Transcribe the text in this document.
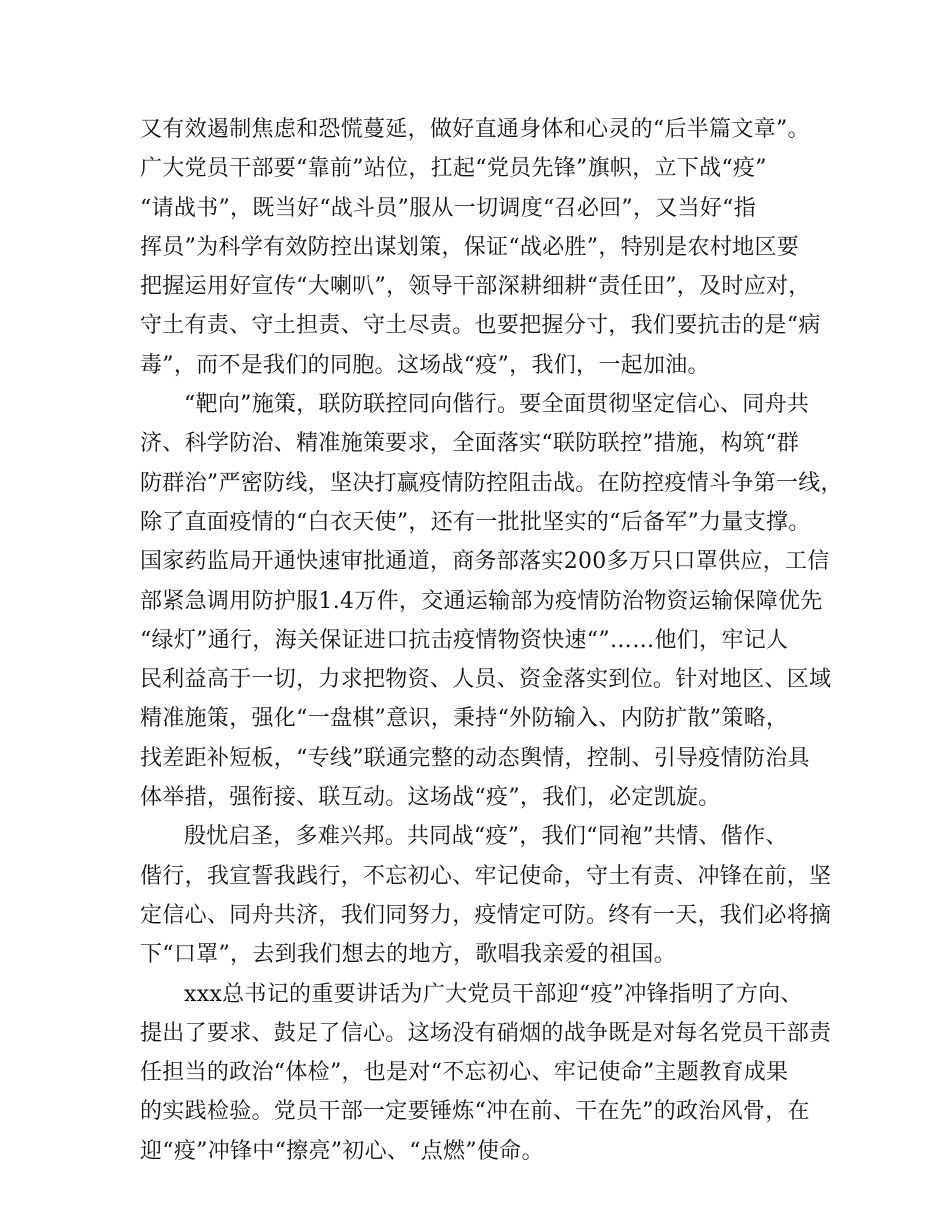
又有效遏制焦虑和恐慌蔓延，做好直通身体和心灵的“后半篇文章”。
广大党员干部要“靠前”站位，扛起“党员先锋”旗帜，立下战“疫”
“请战书”，既当好“战斗员”服从一切调度“召必回”，又当好“指
挥员”为科学有效防控出谋划策，保证“战必胜”，特别是农村地区要
把握运用好宣传“大喇叭”，领导干部深耕细耕“责任田”，及时应对，
守土有责、守土担责、守土尽责。也要把握分寸，我们要抗击的是“病
毒”，而不是我们的同胞。这场战“疫”，我们，一起加油。
“靶向”施策，联防联控同向偕行。要全面贯彻坚定信心、同舟共
济、科学防治、精准施策要求，全面落实“联防联控”措施，构筑“群
防群治”严密防线，坚决打赢疫情防控阻击战。在防控疫情斗争第一线，
除了直面疫情的“白衣天使”，还有一批批坚实的“后备军”力量支撑。
国家药监局开通快速审批通道，商务部落实200多万只口罩供应，工信
部紧急调用防护服1.4万件，交通运输部为疫情防治物资运输保障优先
“绿灯”通行，海关保证进口抗击疫情物资快速“”……他们，牢记人
民利益高于一切，力求把物资、人员、资金落实到位。针对地区、区域
精准施策，强化“一盘棋”意识，秉持“外防输入、内防扩散”策略，
找差距补短板，“专线”联通完整的动态舆情，控制、引导疫情防治具
体举措，强衔接、联互动。这场战“疫”，我们，必定凯旋。
殷忧启圣，多难兴邦。共同战“疫”，我们“同袍”共情、偕作、
偕行，我宣誓我践行，不忘初心、牢记使命，守土有责、冲锋在前，坚
定信心、同舟共济，我们同努力，疫情定可防。终有一天，我们必将摘
下“口罩”，去到我们想去的地方，歌唱我亲爱的祖国。
xxx总书记的重要讲话为广大党员干部迎“疫”冲锋指明了方向、
提出了要求、鼓足了信心。这场没有硝烟的战争既是对每名党员干部责
任担当的政治“体检”，也是对“不忘初心、牢记使命”主题教育成果
的实践检验。党员干部一定要锤炼“冲在前、干在先”的政治风骨，在
迎“疫”冲锋中“擦亮”初心、“点燃”使命。
